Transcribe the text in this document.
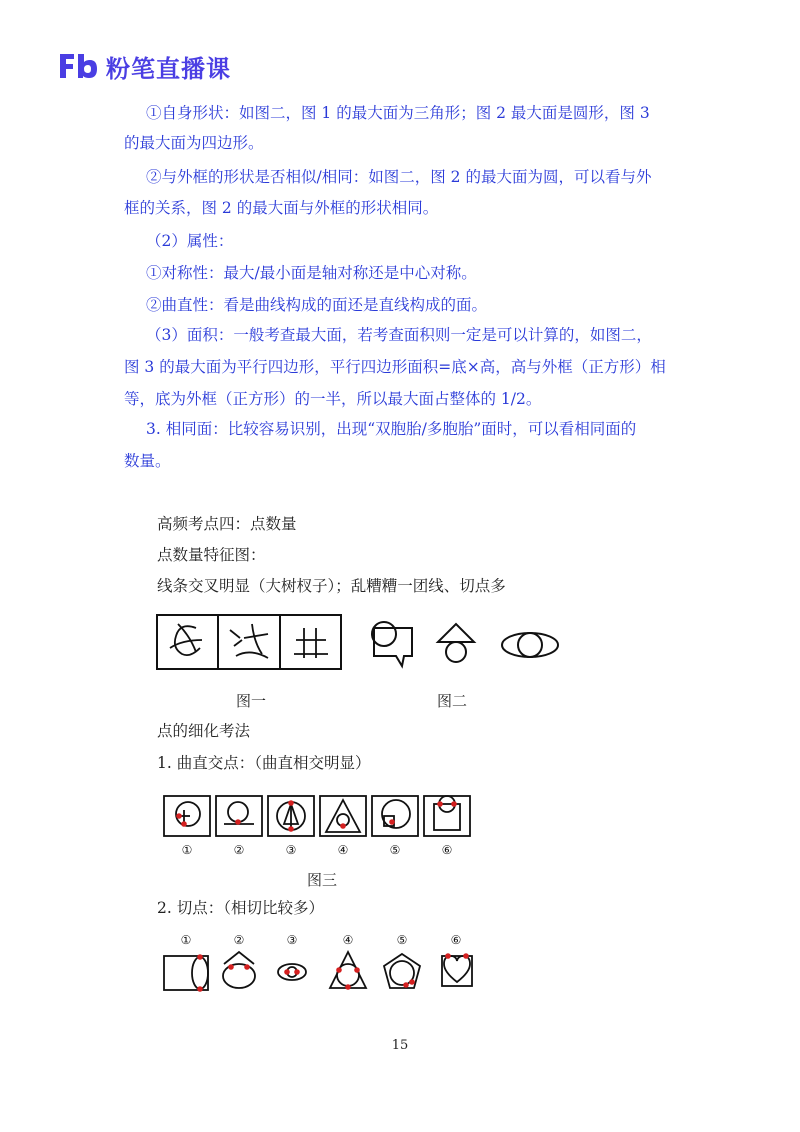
粉笔直播课
①自身形状：如图二，图 1 的最大面为三角形；图 2 最大面是圆形，图 3
的最大面为四边形。
②与外框的形状是否相似/相同：如图二，图 2 的最大面为圆，可以看与外
框的关系，图 2 的最大面与外框的形状相同。
（2）属性：
①对称性：最大/最小面是轴对称还是中心对称。
②曲直性：看是曲线构成的面还是直线构成的面。
（3）面积：一般考查最大面，若考查面积则一定是可以计算的，如图二，
图 3 的最大面为平行四边形，平行四边形面积=底×高，高与外框（正方形）相
等，底为外框（正方形）的一半，所以最大面占整体的 1/2。
3. 相同面：比较容易识别，出现“双胞胎/多胞胎”面时，可以看相同面的
数量。
高频考点四：点数量
点数量特征图：
线条交叉明显（大树杈子）；乱糟糟一团线、切点多
图一	图二
点的细化考法
1. 曲直交点：（曲直相交明显）
①	②	③	④	⑤	⑥
图三
2. 切点：（相切比较多）
①	②	③	④	⑤	⑥
15
